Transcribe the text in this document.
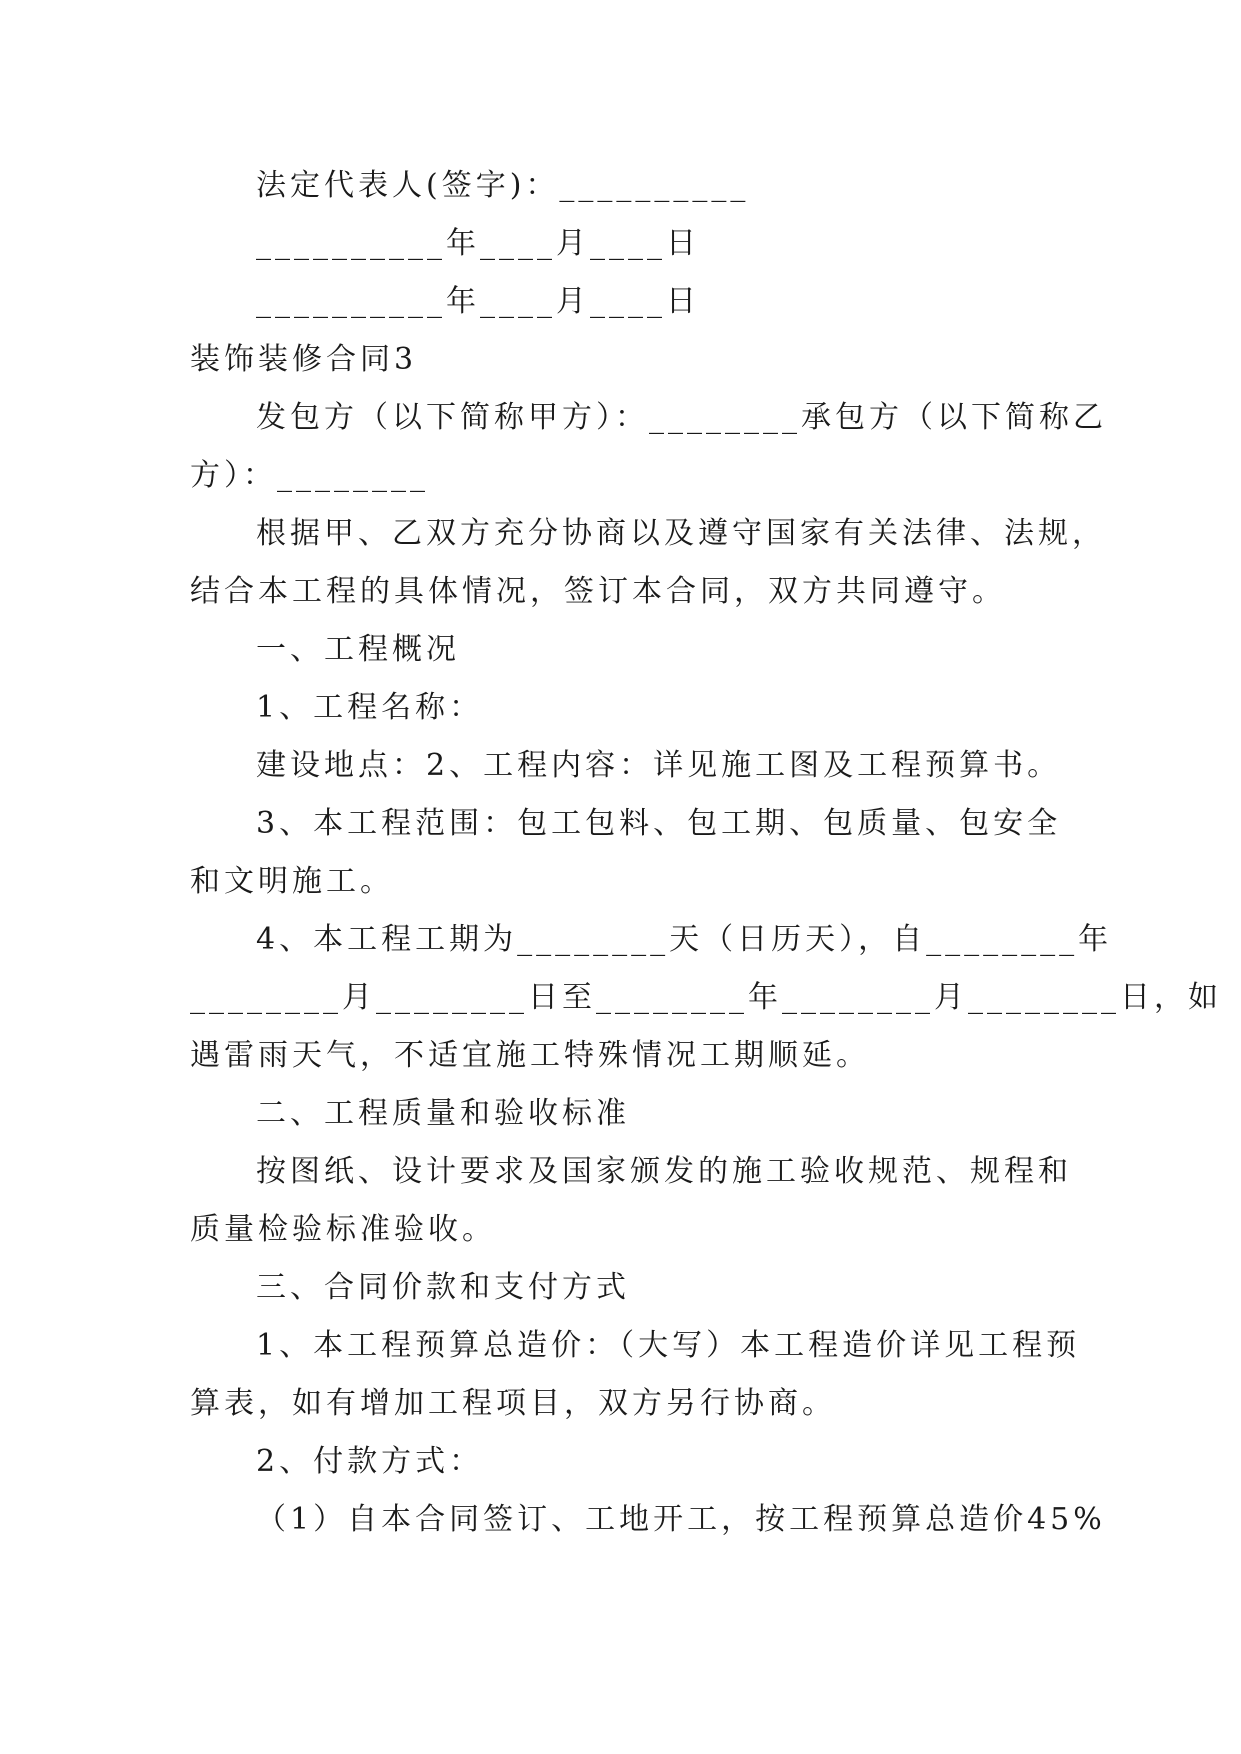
法定代表人(签字)：__________
__________年____月____日
__________年____月____日
装饰装修合同3
发包方（以下简称甲方）：________承包方（以下简称乙
方）：________
根据甲、乙双方充分协商以及遵守国家有关法律、法规，
结合本工程的具体情况，签订本合同，双方共同遵守。
一、工程概况
1、工程名称：
建设地点：2、工程内容：详见施工图及工程预算书。
3、本工程范围：包工包料、包工期、包质量、包安全
和文明施工。
4、本工程工期为________天（日历天），自________年
________月________日至________年________月________日，如
遇雷雨天气，不适宜施工特殊情况工期顺延。
二、工程质量和验收标准
按图纸、设计要求及国家颁发的施工验收规范、规程和
质量检验标准验收。
三、合同价款和支付方式
1、本工程预算总造价：（大写）本工程造价详见工程预
算表，如有增加工程项目，双方另行协商。
2、付款方式：
（1）自本合同签订、工地开工，按工程预算总造价45%
